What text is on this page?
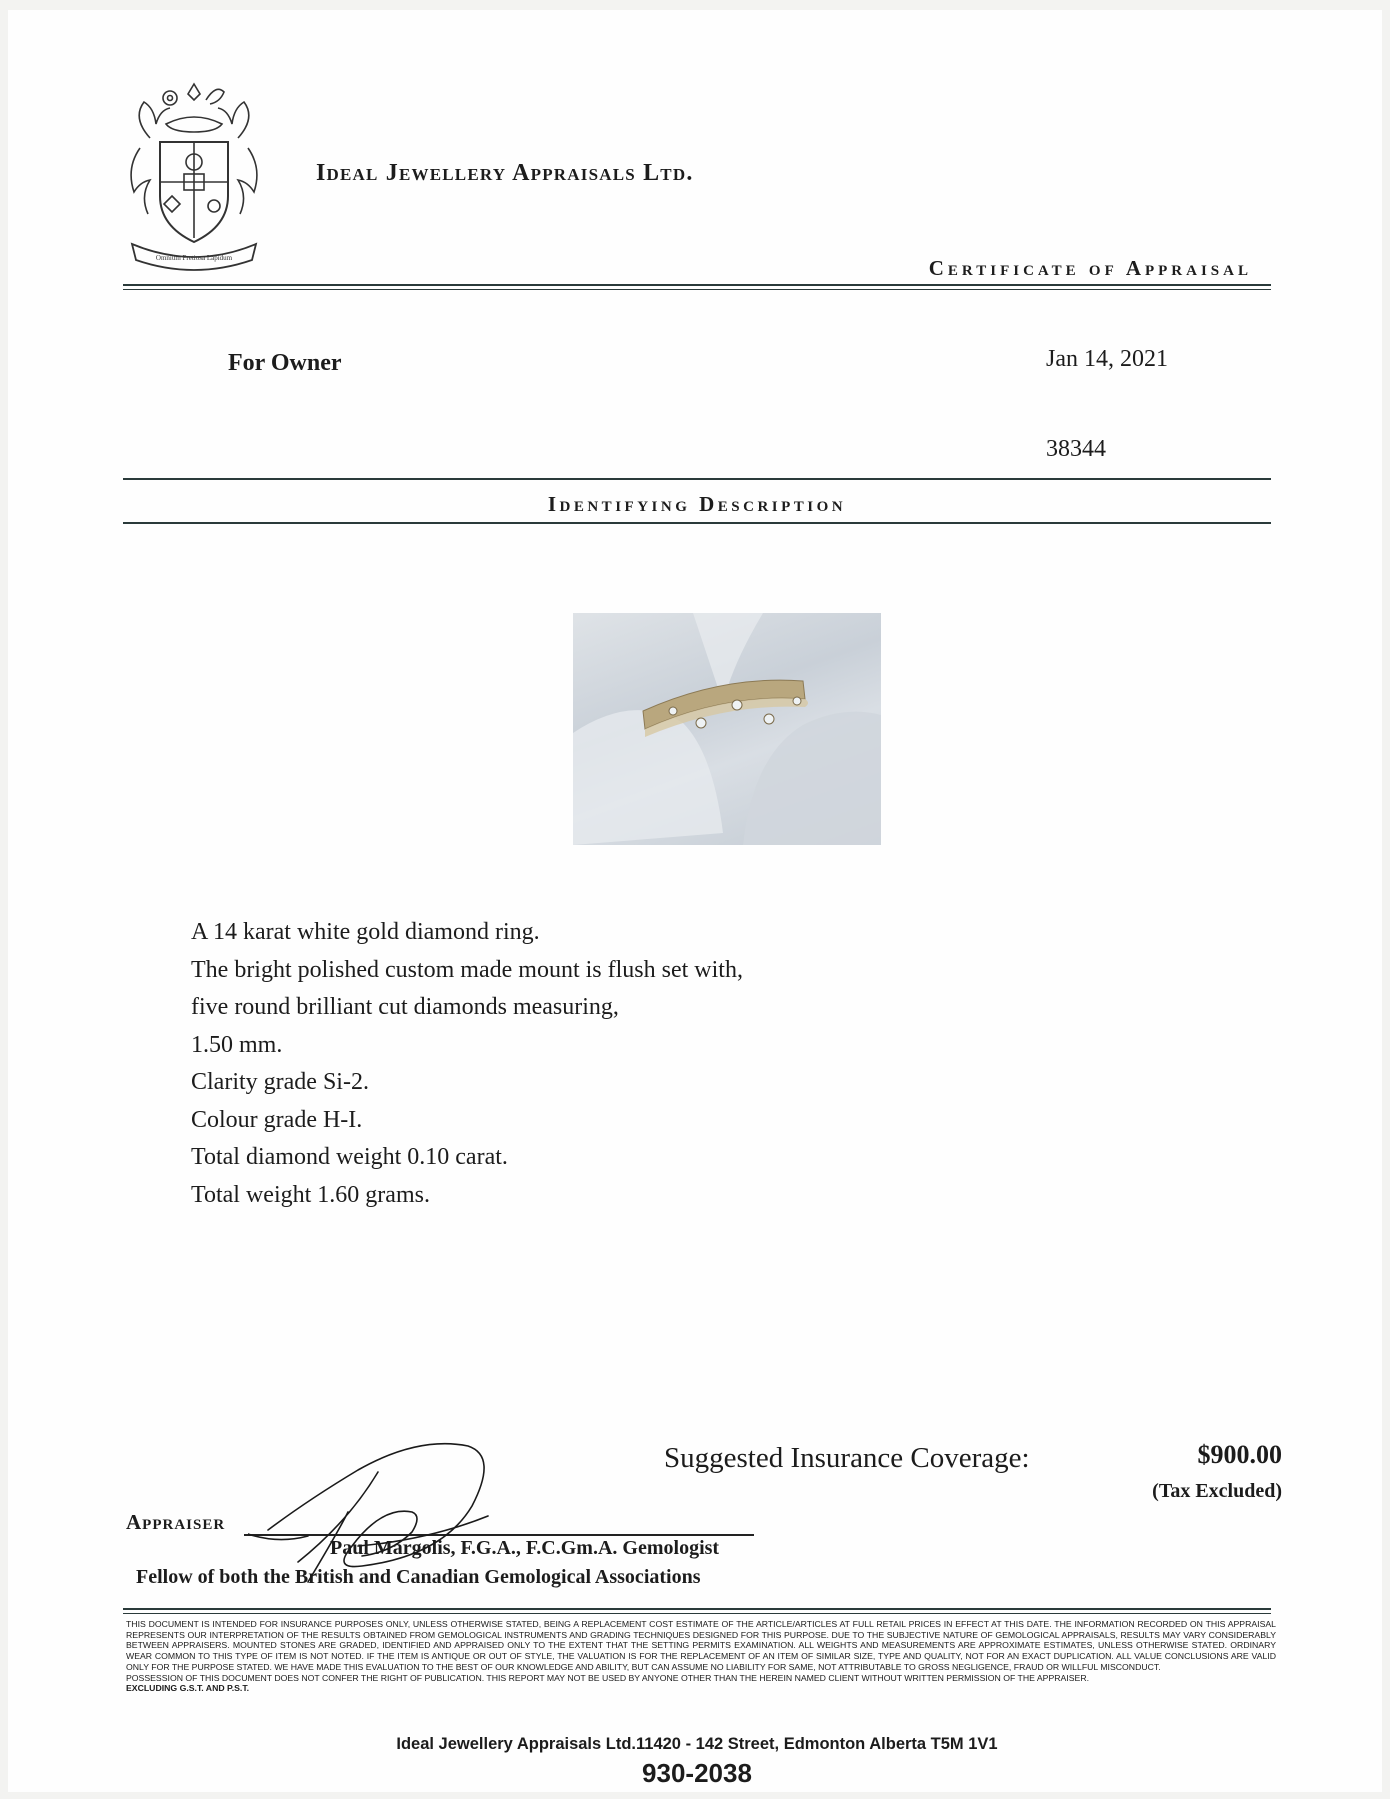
Omnium Pretiosa Lapidum
Ideal Jewellery Appraisals Ltd.
Certificate of Appraisal
For Owner	Jan 14, 2021
38344
Identifying Description
A 14 karat white gold diamond ring.
The bright polished custom made mount is flush set with,
five round brilliant cut diamonds measuring,
1.50 mm.
Clarity grade Si-2.
Colour grade H-I.
Total diamond weight 0.10 carat.
Total weight 1.60 grams.
Suggested Insurance Coverage:	$900.00
(Tax Excluded)
Appraiser
Paul Margolis, F.G.A., F.C.Gm.A. Gemologist
Fellow of both the British and Canadian Gemological Associations
THIS DOCUMENT IS INTENDED FOR INSURANCE PURPOSES ONLY, UNLESS OTHERWISE STATED, BEING A REPLACEMENT COST ESTIMATE OF THE ARTICLE/ARTICLES AT FULL RETAIL PRICES IN EFFECT AT THIS DATE. THE INFORMATION RECORDED ON THIS APPRAISAL REPRESENTS OUR INTERPRETATION OF THE RESULTS OBTAINED FROM GEMOLOGICAL INSTRUMENTS AND GRADING TECHNIQUES DESIGNED FOR THIS PURPOSE. DUE TO THE SUBJECTIVE NATURE OF GEMOLOGICAL APPRAISALS, RESULTS MAY VARY CONSIDERABLY BETWEEN APPRAISERS. MOUNTED STONES ARE GRADED, IDENTIFIED AND APPRAISED ONLY TO THE EXTENT THAT THE SETTING PERMITS EXAMINATION. ALL WEIGHTS AND MEASUREMENTS ARE APPROXIMATE ESTIMATES, UNLESS OTHERWISE STATED. ORDINARY WEAR COMMON TO THIS TYPE OF ITEM IS NOT NOTED. IF THE ITEM IS ANTIQUE OR OUT OF STYLE, THE VALUATION IS FOR THE REPLACEMENT OF AN ITEM OF SIMILAR SIZE, TYPE AND QUALITY, NOT FOR AN EXACT DUPLICATION. ALL VALUE CONCLUSIONS ARE VALID ONLY FOR THE PURPOSE STATED. WE HAVE MADE THIS EVALUATION TO THE BEST OF OUR KNOWLEDGE AND ABILITY, BUT CAN ASSUME NO LIABILITY FOR SAME, NOT ATTRIBUTABLE TO GROSS NEGLIGENCE, FRAUD OR WILLFUL MISCONDUCT.
POSSESSION OF THIS DOCUMENT DOES NOT CONFER THE RIGHT OF PUBLICATION. THIS REPORT MAY NOT BE USED BY ANYONE OTHER THAN THE HEREIN NAMED CLIENT WITHOUT WRITTEN PERMISSION OF THE APPRAISER.
EXCLUDING G.S.T. AND P.S.T.
Ideal Jewellery Appraisals Ltd.11420 - 142 Street, Edmonton Alberta T5M 1V1
930-2038
